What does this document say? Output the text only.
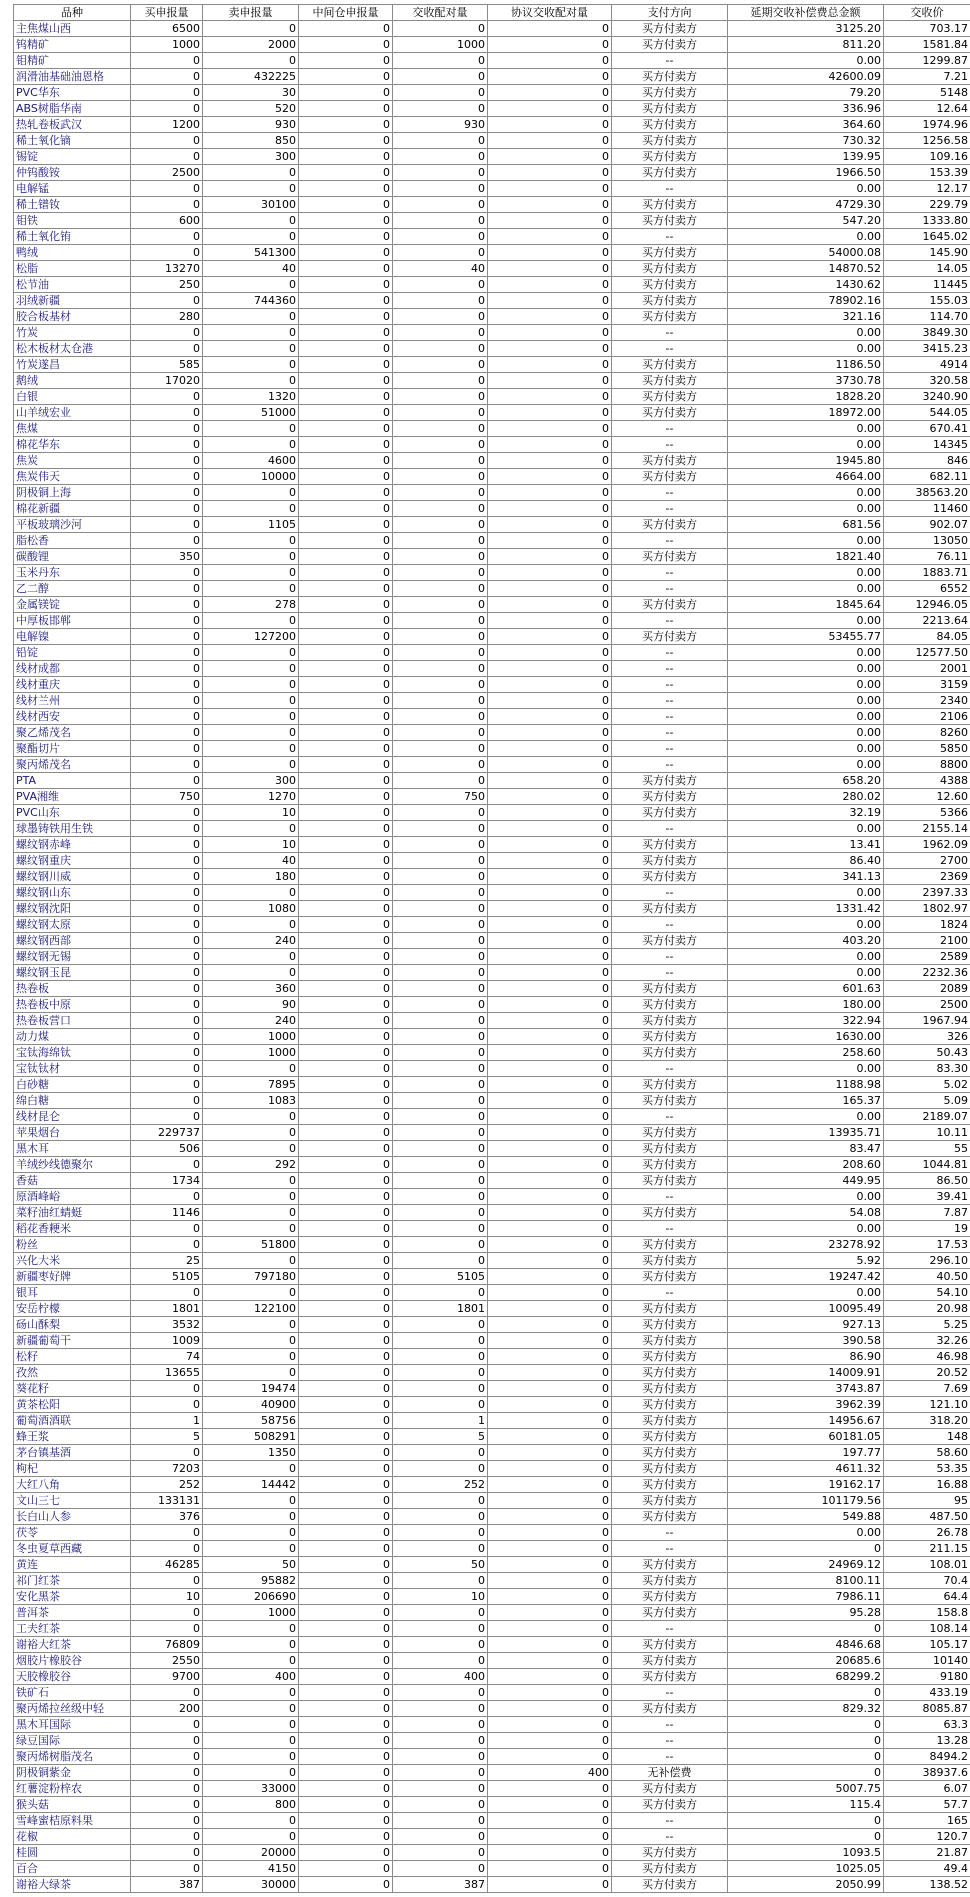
品种	买申报量	卖申报量	中间仓申报量	交收配对量	协议交收配对量	支付方向	延期交收补偿费总金额	交收价
主焦煤山西	6500	0	0	0	0	买方付卖方	3125.20	703.17
钨精矿	1000	2000	0	1000	0	买方付卖方	811.20	1581.84
钼精矿	0	0	0	0	0	--	0.00	1299.87
润滑油基础油恩格	0	432225	0	0	0	买方付卖方	42600.09	7.21
PVC华东	0	30	0	0	0	买方付卖方	79.20	5148
ABS树脂华南	0	520	0	0	0	买方付卖方	336.96	12.64
热轧卷板武汉	1200	930	0	930	0	买方付卖方	364.60	1974.96
稀土氧化镝	0	850	0	0	0	买方付卖方	730.32	1256.58
锡锭	0	300	0	0	0	买方付卖方	139.95	109.16
仲钨酸铵	2500	0	0	0	0	买方付卖方	1966.50	153.39
电解锰	0	0	0	0	0	--	0.00	12.17
稀土镨钕	0	30100	0	0	0	买方付卖方	4729.30	229.79
钼铁	600	0	0	0	0	买方付卖方	547.20	1333.80
稀土氧化铕	0	0	0	0	0	--	0.00	1645.02
鸭绒	0	541300	0	0	0	买方付卖方	54000.08	145.90
松脂	13270	40	0	40	0	买方付卖方	14870.52	14.05
松节油	250	0	0	0	0	买方付卖方	1430.62	11445
羽绒新疆	0	744360	0	0	0	买方付卖方	78902.16	155.03
胶合板基材	280	0	0	0	0	买方付卖方	321.16	114.70
竹炭	0	0	0	0	0	--	0.00	3849.30
松木板材太仓港	0	0	0	0	0	--	0.00	3415.23
竹炭遂昌	585	0	0	0	0	买方付卖方	1186.50	4914
鹅绒	17020	0	0	0	0	买方付卖方	3730.78	320.58
白银	0	1320	0	0	0	买方付卖方	1828.20	3240.90
山羊绒宏业	0	51000	0	0	0	买方付卖方	18972.00	544.05
焦煤	0	0	0	0	0	--	0.00	670.41
棉花华东	0	0	0	0	0	--	0.00	14345
焦炭	0	4600	0	0	0	买方付卖方	1945.80	846
焦炭伟天	0	10000	0	0	0	买方付卖方	4664.00	682.11
阴极铜上海	0	0	0	0	0	--	0.00	38563.20
棉花新疆	0	0	0	0	0	--	0.00	11460
平板玻璃沙河	0	1105	0	0	0	买方付卖方	681.56	902.07
脂松香	0	0	0	0	0	--	0.00	13050
碳酸锂	350	0	0	0	0	买方付卖方	1821.40	76.11
玉米丹东	0	0	0	0	0	--	0.00	1883.71
乙二醇	0	0	0	0	0	--	0.00	6552
金属镁锭	0	278	0	0	0	买方付卖方	1845.64	12946.05
中厚板邯郸	0	0	0	0	0	--	0.00	2213.64
电解镍	0	127200	0	0	0	买方付卖方	53455.77	84.05
铅锭	0	0	0	0	0	--	0.00	12577.50
线材成都	0	0	0	0	0	--	0.00	2001
线材重庆	0	0	0	0	0	--	0.00	3159
线材兰州	0	0	0	0	0	--	0.00	2340
线材西安	0	0	0	0	0	--	0.00	2106
聚乙烯茂名	0	0	0	0	0	--	0.00	8260
聚酯切片	0	0	0	0	0	--	0.00	5850
聚丙烯茂名	0	0	0	0	0	--	0.00	8800
PTA	0	300	0	0	0	买方付卖方	658.20	4388
PVA湘维	750	1270	0	750	0	买方付卖方	280.02	12.60
PVC山东	0	10	0	0	0	买方付卖方	32.19	5366
球墨铸铁用生铁	0	0	0	0	0	--	0.00	2155.14
螺纹钢赤峰	0	10	0	0	0	买方付卖方	13.41	1962.09
螺纹钢重庆	0	40	0	0	0	买方付卖方	86.40	2700
螺纹钢川威	0	180	0	0	0	买方付卖方	341.13	2369
螺纹钢山东	0	0	0	0	0	--	0.00	2397.33
螺纹钢沈阳	0	1080	0	0	0	买方付卖方	1331.42	1802.97
螺纹钢太原	0	0	0	0	0	--	0.00	1824
螺纹钢西部	0	240	0	0	0	买方付卖方	403.20	2100
螺纹钢无锡	0	0	0	0	0	--	0.00	2589
螺纹钢玉昆	0	0	0	0	0	--	0.00	2232.36
热卷板	0	360	0	0	0	买方付卖方	601.63	2089
热卷板中原	0	90	0	0	0	买方付卖方	180.00	2500
热卷板营口	0	240	0	0	0	买方付卖方	322.94	1967.94
动力煤	0	1000	0	0	0	买方付卖方	1630.00	326
宝钛海绵钛	0	1000	0	0	0	买方付卖方	258.60	50.43
宝钛钛材	0	0	0	0	0	--	0.00	83.30
白砂糖	0	7895	0	0	0	买方付卖方	1188.98	5.02
绵白糖	0	1083	0	0	0	买方付卖方	165.37	5.09
线材昆仑	0	0	0	0	0	--	0.00	2189.07
苹果烟台	229737	0	0	0	0	买方付卖方	13935.71	10.11
黑木耳	506	0	0	0	0	买方付卖方	83.47	55
羊绒纱线德聚尔	0	292	0	0	0	买方付卖方	208.60	1044.81
香菇	1734	0	0	0	0	买方付卖方	449.95	86.50
原酒峰峪	0	0	0	0	0	--	0.00	39.41
菜籽油红蜻蜓	1146	0	0	0	0	买方付卖方	54.08	7.87
稻花香粳米	0	0	0	0	0	--	0.00	19
粉丝	0	51800	0	0	0	买方付卖方	23278.92	17.53
兴化大米	25	0	0	0	0	买方付卖方	5.92	296.10
新疆枣好牌	5105	797180	0	5105	0	买方付卖方	19247.42	40.50
银耳	0	0	0	0	0	--	0.00	54.10
安岳柠檬	1801	122100	0	1801	0	买方付卖方	10095.49	20.98
砀山酥梨	3532	0	0	0	0	买方付卖方	927.13	5.25
新疆葡萄干	1009	0	0	0	0	买方付卖方	390.58	32.26
松籽	74	0	0	0	0	买方付卖方	86.90	46.98
孜然	13655	0	0	0	0	买方付卖方	14009.91	20.52
葵花籽	0	19474	0	0	0	买方付卖方	3743.87	7.69
黄茶松阳	0	40900	0	0	0	买方付卖方	3962.39	121.10
葡萄酒酒联	1	58756	0	1	0	买方付卖方	14956.67	318.20
蜂王浆	5	508291	0	5	0	买方付卖方	60181.05	148
茅台镇基酒	0	1350	0	0	0	买方付卖方	197.77	58.60
枸杞	7203	0	0	0	0	买方付卖方	4611.32	53.35
大红八角	252	14442	0	252	0	买方付卖方	19162.17	16.88
文山三七	133131	0	0	0	0	买方付卖方	101179.56	95
长白山人参	376	0	0	0	0	买方付卖方	549.88	487.50
茯苓	0	0	0	0	0	--	0.00	26.78
冬虫夏草西藏	0	0	0	0	0	--	0	211.15
黄连	46285	50	0	50	0	买方付卖方	24969.12	108.01
祁门红茶	0	95882	0	0	0	买方付卖方	8100.11	70.4
安化黑茶	10	206690	0	10	0	买方付卖方	7986.11	64.4
普洱茶	0	1000	0	0	0	买方付卖方	95.28	158.8
工夫红茶	0	0	0	0	0	--	0	108.14
谢裕大红茶	76809	0	0	0	0	买方付卖方	4846.68	105.17
烟胶片橡胶谷	2550	0	0	0	0	买方付卖方	20685.6	10140
天胶橡胶谷	9700	400	0	400	0	买方付卖方	68299.2	9180
铁矿石	0	0	0	0	0	--	0	433.19
聚丙烯拉丝级中轻	200	0	0	0	0	买方付卖方	829.32	8085.87
黑木耳国际	0	0	0	0	0	--	0	63.3
绿豆国际	0	0	0	0	0	--	0	13.28
聚丙烯树脂茂名	0	0	0	0	0	--	0	8494.2
阴极铜紫金	0	0	0	0	400	无补偿费	0	38937.6
红薯淀粉梓农	0	33000	0	0	0	买方付卖方	5007.75	6.07
猴头菇	0	800	0	0	0	买方付卖方	115.4	57.7
雪峰蜜桔原料果	0	0	0	0	0	--	0	165
花椒	0	0	0	0	0	--	0	120.7
桂圆	0	20000	0	0	0	买方付卖方	1093.5	21.87
百合	0	4150	0	0	0	买方付卖方	1025.05	49.4
谢裕大绿茶	387	30000	0	387	0	买方付卖方	2050.99	138.52
